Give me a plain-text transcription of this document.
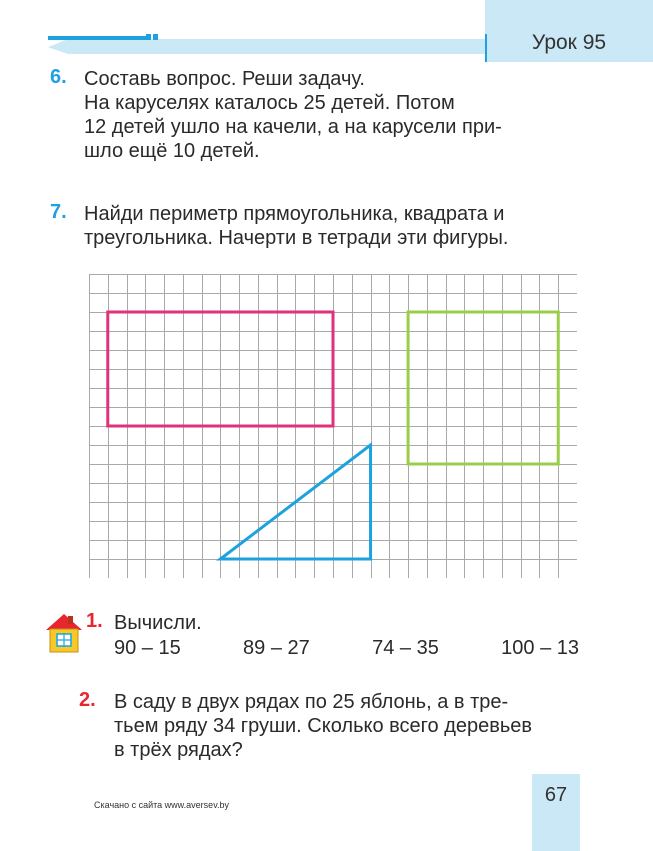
Урок 95
6. Составь вопрос. Реши задачу.
На каруселях каталось 25 детей. Потом
12 детей ушло на качели, а на карусели при-
шло ещё 10 детей.
7. Найди периметр прямоугольника, квадрата и
треугольника. Начерти в тетради эти фигуры.
1. Вычисли.
90 – 15	89 – 27	74 – 35	100 – 13
2. В саду в двух рядах по 25 яблонь, а в тре-
тьем ряду 34 груши. Сколько всего деревьев
в трёх рядах?
67
Скачано с сайта www.aversev.by
